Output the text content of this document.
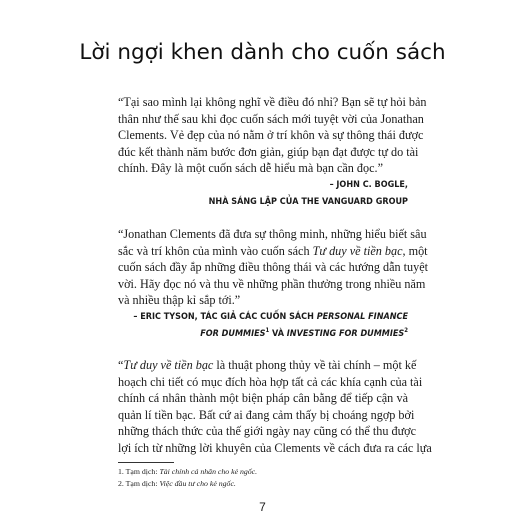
Lời ngợi khen dành cho cuốn sách
“Tại sao mình lại không nghĩ về điều đó nhỉ? Bạn sẽ tự hỏi bản
thân như thế sau khi đọc cuốn sách mới tuyệt vời của Jonathan
Clements. Vẻ đẹp của nó nằm ở trí khôn và sự thông thái được
đúc kết thành năm bước đơn giản, giúp bạn đạt được tự do tài
chính. Đây là một cuốn sách dễ hiểu mà bạn cần đọc.”
– JOHN C. BOGLE,
NHÀ SÁNG LẬP CỦA THE VANGUARD GROUP
“Jonathan Clements đã đưa sự thông minh, những hiểu biết sâu
sắc và trí khôn của mình vào cuốn sách Tư duy về tiền bạc, một
cuốn sách đầy ắp những điều thông thái và các hướng dẫn tuyệt
vời. Hãy đọc nó và thu về những phần thưởng trong nhiều năm
và nhiều thập kỉ sắp tới.”
– ERIC TYSON, TÁC GIẢ CÁC CUỐN SÁCH PERSONAL FINANCE
FOR DUMMIES$^1$ VÀ INVESTING FOR DUMMIES$^2$
“Tư duy về tiền bạc là thuật phong thủy về tài chính – một kế
hoạch chi tiết có mục đích hòa hợp tất cả các khía cạnh của tài
chính cá nhân thành một biện pháp cân bằng để tiếp cận và
quản lí tiền bạc. Bất cứ ai đang cảm thấy bị choáng ngợp bởi
những thách thức của thế giới ngày nay cũng có thể thu được
lợi ích từ những lời khuyên của Clements về cách đưa ra các lựa
1. Tạm dịch: Tài chính cá nhân cho kẻ ngốc.
2. Tạm dịch: Việc đầu tư cho kẻ ngốc.
7
